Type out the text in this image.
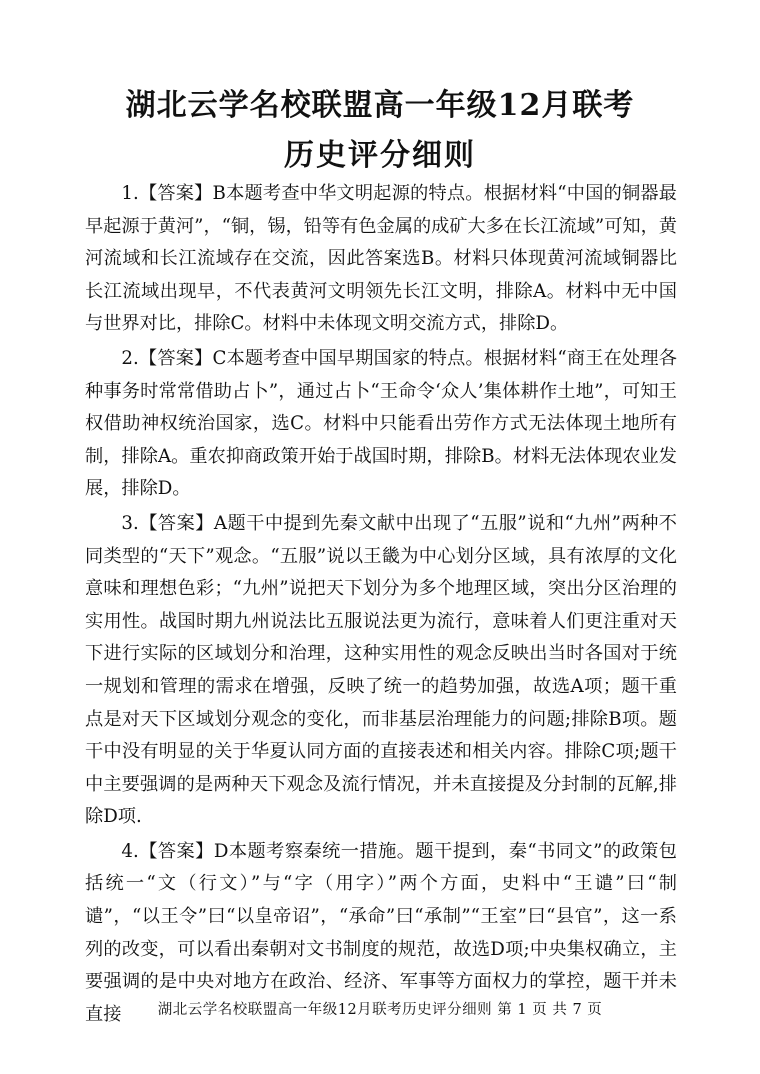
湖北云学名校联盟高一年级12月联考
历史评分细则

1.【答案】B本题考查中华文明起源的特点。根据材料“中国的铜器最早起源于黄河”，“铜，锡，铅等有色金属的成矿大多在长江流域”可知，黄河流域和长江流域存在交流，因此答案选B。材料只体现黄河流域铜器比长江流域出现早，不代表黄河文明领先长江文明，排除A。材料中无中国与世界对比，排除C。材料中未体现文明交流方式，排除D。

2.【答案】C本题考查中国早期国家的特点。根据材料“商王在处理各种事务时常常借助占卜”，通过占卜“王命令‘众人’集体耕作土地”，可知王权借助神权统治国家，选C。材料中只能看出劳作方式无法体现土地所有制，排除A。重农抑商政策开始于战国时期，排除B。材料无法体现农业发展，排除D。

3.【答案】A题干中提到先秦文献中出现了“五服”说和“九州”两种不同类型的“天下”观念。“五服”说以王畿为中心划分区域，具有浓厚的文化意味和理想色彩；“九州”说把天下划分为多个地理区域，突出分区治理的实用性。战国时期九州说法比五服说法更为流行，意味着人们更注重对天下进行实际的区域划分和治理，这种实用性的观念反映出当时各国对于统一规划和管理的需求在增强，反映了统一的趋势加强，故选A项；题干重点是对天下区域划分观念的变化，而非基层治理能力的问题;排除B项。题干中没有明显的关于华夏认同方面的直接表述和相关内容。排除C项;题干中主要强调的是两种天下观念及流行情况，并未直接提及分封制的瓦解,排除D项.

4.【答案】D本题考察秦统一措施。题干提到，秦“书同文”的政策包括统一“文（行文）”与“字（用字）”两个方面，史料中“王谴”曰“制谴”，“以王令”曰“以皇帝诏”，“承命”曰“承制”“王室”曰“县官”，这一系列的改变，可以看出秦朝对文书制度的规范，故选D项;中央集权确立，主要强调的是中央对地方在政治、经济、军事等方面权力的掌控，题干并未直接	湖北云学名校联盟高一年级12月联考历史评分细则 第 1 页 共 7 页
